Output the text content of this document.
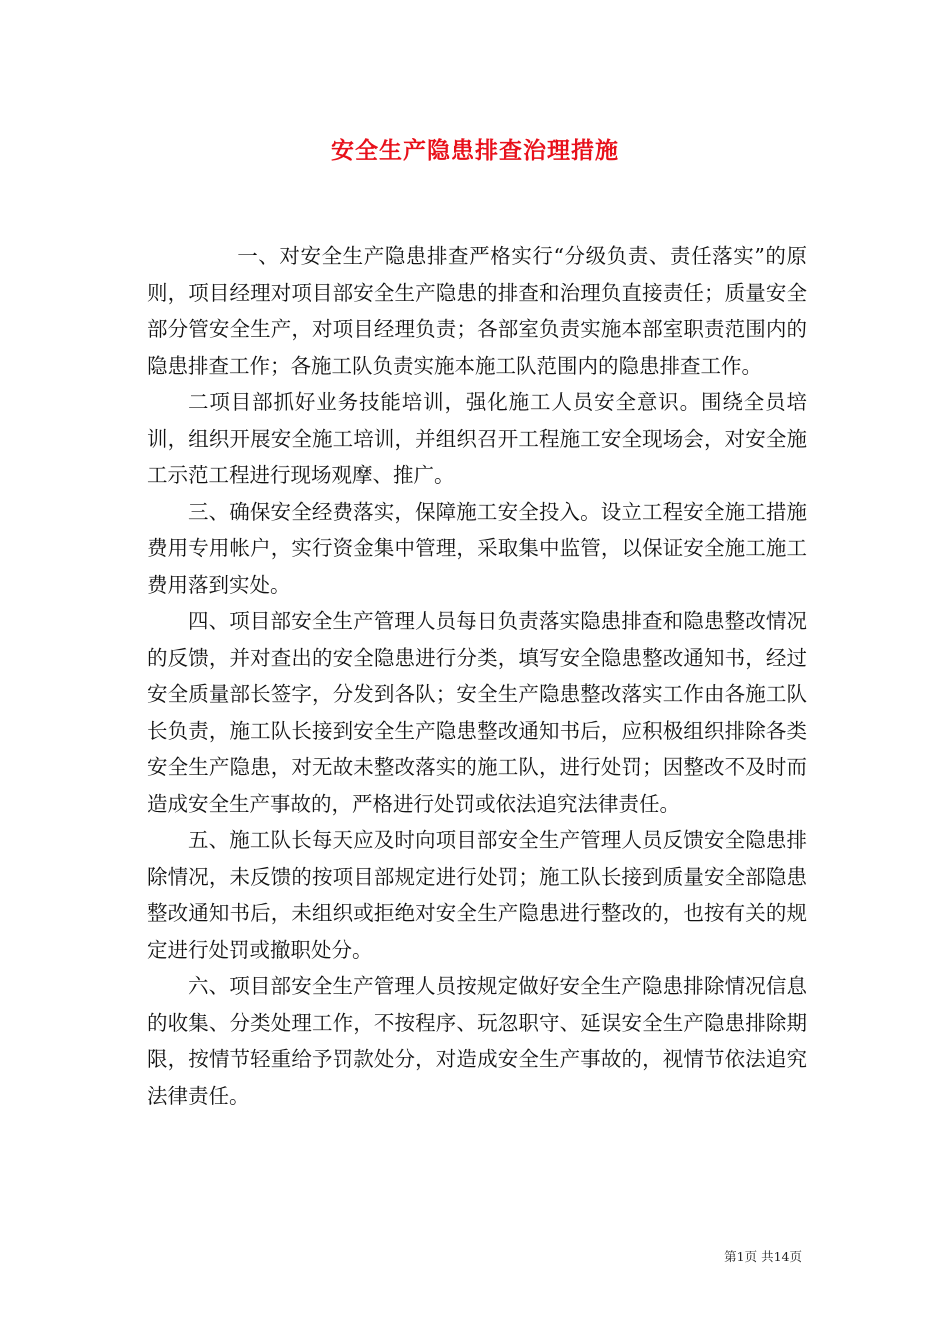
安全生产隐患排查治理措施

一、对安全生产隐患排查严格实行“分级负责、责任落实”的原则，项目经理对项目部安全生产隐患的排查和治理负直接责任；质量安全部分管安全生产，对项目经理负责；各部室负责实施本部室职责范围内的隐患排查工作；各施工队负责实施本施工队范围内的隐患排查工作。

二项目部抓好业务技能培训，强化施工人员安全意识。围绕全员培训，组织开展安全施工培训，并组织召开工程施工安全现场会，对安全施工示范工程进行现场观摩、推广。

三、确保安全经费落实，保障施工安全投入。设立工程安全施工措施费用专用帐户，实行资金集中管理，采取集中监管，以保证安全施工施工费用落到实处。

四、项目部安全生产管理人员每日负责落实隐患排查和隐患整改情况的反馈，并对查出的安全隐患进行分类，填写安全隐患整改通知书，经过安全质量部长签字，分发到各队；安全生产隐患整改落实工作由各施工队长负责，施工队长接到安全生产隐患整改通知书后，应积极组织排除各类安全生产隐患，对无故未整改落实的施工队，进行处罚；因整改不及时而造成安全生产事故的，严格进行处罚或依法追究法律责任。

五、施工队长每天应及时向项目部安全生产管理人员反馈安全隐患排除情况，未反馈的按项目部规定进行处罚；施工队长接到质量安全部隐患整改通知书后，未组织或拒绝对安全生产隐患进行整改的，也按有关的规定进行处罚或撤职处分。

六、项目部安全生产管理人员按规定做好安全生产隐患排除情况信息的收集、分类处理工作，不按程序、玩忽职守、延误安全生产隐患排除期限，按情节轻重给予罚款处分，对造成安全生产事故的，视情节依法追究法律责任。

第1页 共14页
